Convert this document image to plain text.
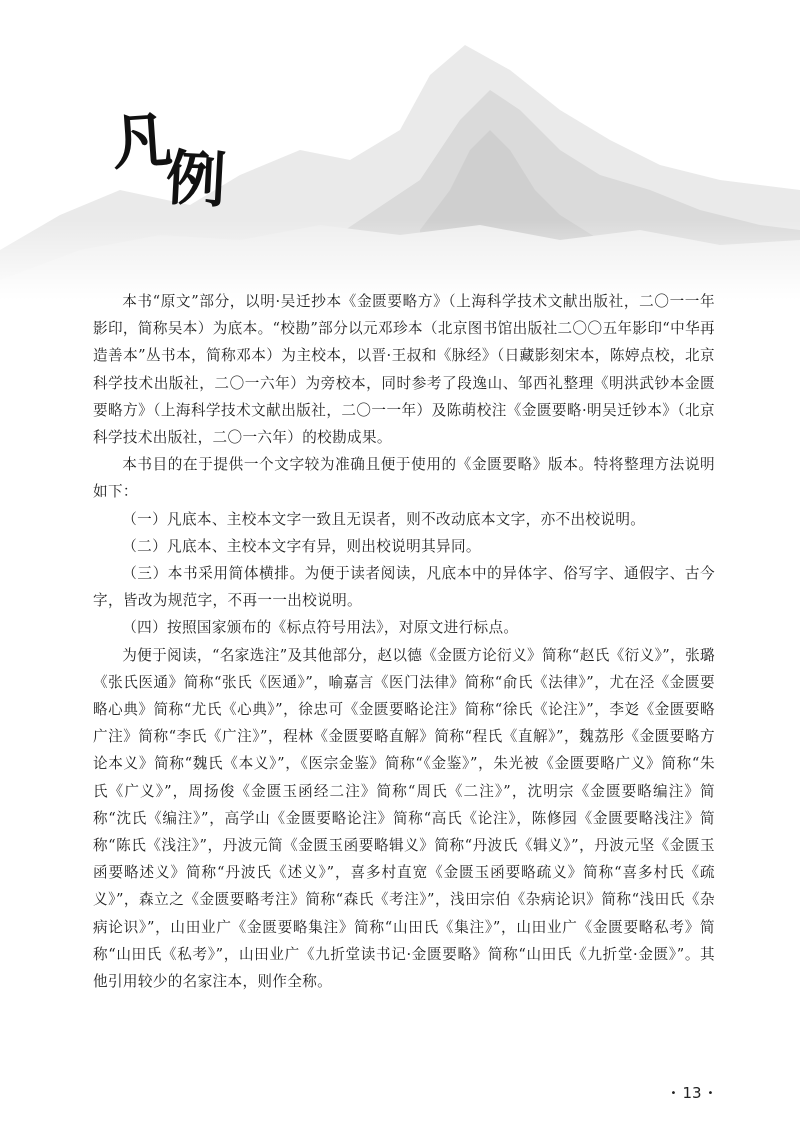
凡
例

本书“原文”部分，以明·吴迁抄本《金匮要略方》（上海科学技术文献出版社，二〇一一年影印，简称吴本）为底本。“校勘”部分以元邓珍本（北京图书馆出版社二〇〇五年影印“中华再造善本”丛书本，简称邓本）为主校本，以晋·王叔和《脉经》（日藏影刻宋本，陈婷点校，北京科学技术出版社，二〇一六年）为旁校本，同时参考了段逸山、邹西礼整理《明洪武钞本金匮要略方》（上海科学技术文献出版社，二〇一一年）及陈萌校注《金匮要略·明吴迁钞本》（北京科学技术出版社，二〇一六年）的校勘成果。

本书目的在于提供一个文字较为准确且便于使用的《金匮要略》版本。特将整理方法说明如下：

（一）凡底本、主校本文字一致且无误者，则不改动底本文字，亦不出校说明。

（二）凡底本、主校本文字有异，则出校说明其异同。

（三）本书采用简体横排。为便于读者阅读，凡底本中的异体字、俗写字、通假字、古今字，皆改为规范字，不再一一出校说明。

（四）按照国家颁布的《标点符号用法》，对原文进行标点。

为便于阅读，“名家选注”及其他部分，赵以德《金匮方论衍义》简称“赵氏《衍义》”，张璐《张氏医通》简称“张氏《医通》”，喻嘉言《医门法律》简称“俞氏《法律》”，尤在泾《金匮要略心典》简称“尤氏《心典》”，徐忠可《金匮要略论注》简称“徐氏《论注》”，李彣《金匮要略广注》简称“李氏《广注》”，程林《金匮要略直解》简称“程氏《直解》”，魏荔彤《金匮要略方论本义》简称“魏氏《本义》”，《医宗金鉴》简称“《金鉴》”，朱光被《金匮要略广义》简称“朱氏《广义》”，周扬俊《金匮玉函经二注》简称“周氏《二注》”，沈明宗《金匮要略编注》简称“沈氏《编注》”，高学山《金匮要略论注》简称“高氏《论注》，陈修园《金匮要略浅注》简称“陈氏《浅注》”，丹波元简《金匮玉函要略辑义》简称“丹波氏《辑义》”，丹波元坚《金匮玉函要略述义》简称“丹波氏《述义》”，喜多村直宽《金匮玉函要略疏义》简称“喜多村氏《疏义》”，森立之《金匮要略考注》简称“森氏《考注》”，浅田宗伯《杂病论识》简称“浅田氏《杂病论识》”，山田业广《金匮要略集注》简称“山田氏《集注》”，山田业广《金匮要略私考》简称“山田氏《私考》”，山田业广《九折堂读书记·金匮要略》简称“山田氏《九折堂·金匮》”。其他引用较少的名家注本，则作全称。

• 13 •
